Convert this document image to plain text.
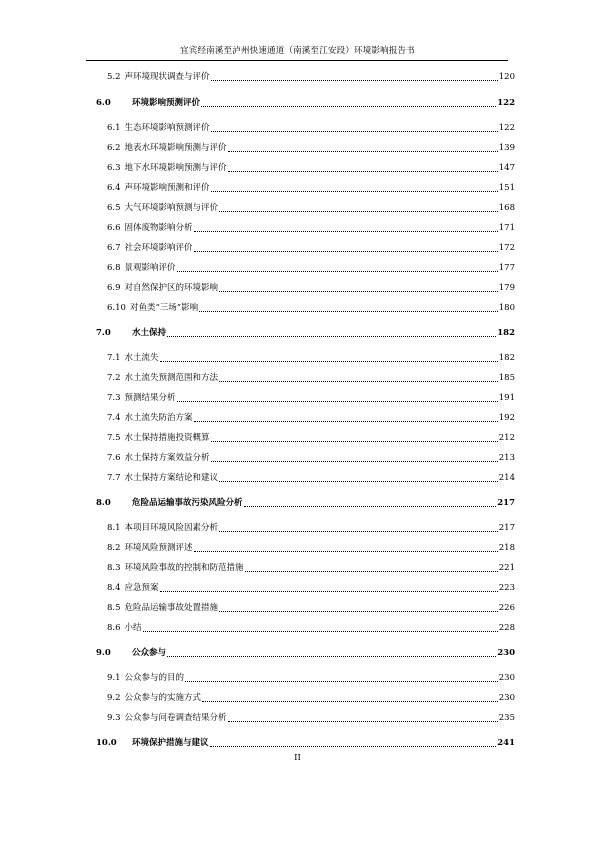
宜宾经南溪至泸州快速通道（南溪至江安段）环境影响报告书
5.2 声环境现状调查与评价	120
6.0	环境影响预测评价	122
6.1 生态环境影响预测评价	122
6.2 地表水环境影响预测与评价	139
6.3 地下水环境影响预测与评价	147
6.4 声环境影响预测和评价	151
6.5 大气环境影响预测与评价	168
6.6 固体废物影响分析	171
6.7 社会环境影响评价	172
6.8 景观影响评价	177
6.9 对自然保护区的环境影响	179
6.10 对鱼类“三场”影响	180
7.0	水土保持	182
7.1 水土流失	182
7.2 水土流失预测范围和方法	185
7.3 预测结果分析	191
7.4 水土流失防治方案	192
7.5 水土保持措施投资概算	212
7.6 水土保持方案效益分析	213
7.7 水土保持方案结论和建议	214
8.0	危险品运输事故污染风险分析	217
8.1 本项目环境风险因素分析	217
8.2 环境风险预测评述	218
8.3 环境风险事故的控制和防范措施	221
8.4 应急预案	223
8.5 危险品运输事故处置措施	226
8.6 小结	228
9.0	公众参与	230
9.1 公众参与的目的	230
9.2 公众参与的实施方式	230
9.3 公众参与问卷调查结果分析	235
10.0	环境保护措施与建议	241
II
